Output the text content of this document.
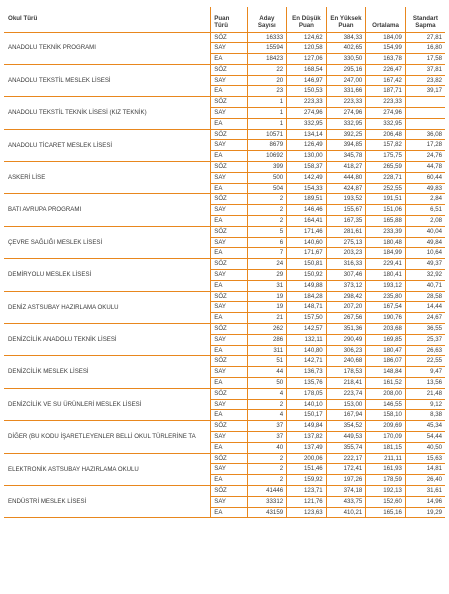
Okul Türü	Puan Türü	Aday Sayısı	En Düşük Puan	En Yüksek Puan	Ortalama	Standart Sapma
ANADOLU TEKNİK PROGRAMI	SÖZ	16333	124,62	384,33	184,09	27,81
	SAY	15594	120,58	402,65	154,99	16,80
	EA	18423	127,06	330,50	163,78	17,58
ANADOLU TEKSTİL MESLEK LİSESİ	SÖZ	22	168,54	295,16	226,47	37,81
	SAY	20	146,97	247,00	167,42	23,82
	EA	23	150,53	331,66	187,71	39,17
ANADOLU TEKSTİL TEKNİK LİSESİ (KIZ TEKNİK)	SÖZ	1	223,33	223,33	223,33	
	SAY	1	274,96	274,96	274,96	
	EA	1	332,95	332,95	332,95	
ANADOLU TİCARET MESLEK LİSESİ	SÖZ	10571	134,14	392,25	206,48	36,08
	SAY	8679	126,49	394,85	157,82	17,28
	EA	10692	130,00	345,78	175,75	24,76
ASKERİ LİSE	SÖZ	399	158,37	418,27	265,59	44,78
	SAY	500	142,49	444,80	228,71	60,44
	EA	504	154,33	424,87	252,55	49,83
BATI AVRUPA PROGRAMI	SÖZ	2	189,51	193,52	191,51	2,84
	SAY	2	146,46	155,67	151,06	6,51
	EA	2	164,41	167,35	165,88	2,08
ÇEVRE SAĞLIĞI MESLEK LİSESİ	SÖZ	5	171,46	281,61	233,39	40,04
	SAY	6	140,60	275,13	180,48	49,84
	EA	7	171,67	203,23	184,99	10,64
DEMİRYOLU MESLEK LİSESİ	SÖZ	24	150,81	316,33	229,41	49,37
	SAY	29	150,92	307,46	180,41	32,92
	EA	31	149,88	373,12	193,12	40,71
DENİZ ASTSUBAY HAZIRLAMA OKULU	SÖZ	19	184,28	298,42	235,80	28,58
	SAY	19	148,71	207,20	167,54	14,44
	EA	21	157,50	267,56	190,76	24,67
DENİZCİLİK ANADOLU TEKNİK LİSESİ	SÖZ	262	142,57	351,36	203,68	36,55
	SAY	286	132,11	290,49	169,85	25,37
	EA	311	140,80	306,23	180,47	26,63
DENİZCİLİK MESLEK LİSESİ	SÖZ	51	142,71	240,68	186,07	22,55
	SAY	44	136,73	178,53	148,84	9,47
	EA	50	135,76	218,41	161,52	13,56
DENİZCİLİK VE SU ÜRÜNLERİ MESLEK LİSESİ	SÖZ	4	178,05	223,74	208,00	21,48
	SAY	2	140,10	153,00	146,55	9,12
	EA	4	150,17	167,94	158,10	8,38
DİĞER (BU KODU İŞARETLEYENLER BELLİ OKUL TÜRLERİNE TA	SÖZ	37	149,84	354,52	209,69	45,34
	SAY	37	137,82	449,53	170,09	54,44
	EA	40	137,49	355,74	181,15	40,50
ELEKTRONİK ASTSUBAY HAZIRLAMA OKULU	SÖZ	2	200,06	222,17	211,11	15,63
	SAY	2	151,46	172,41	161,93	14,81
	EA	2	159,92	197,26	178,59	26,40
ENDÜSTRİ MESLEK LİSESİ	SÖZ	41446	123,71	374,18	192,13	31,61
	SAY	33312	121,76	433,75	152,60	14,96
	EA	43159	123,63	410,21	165,16	19,29
